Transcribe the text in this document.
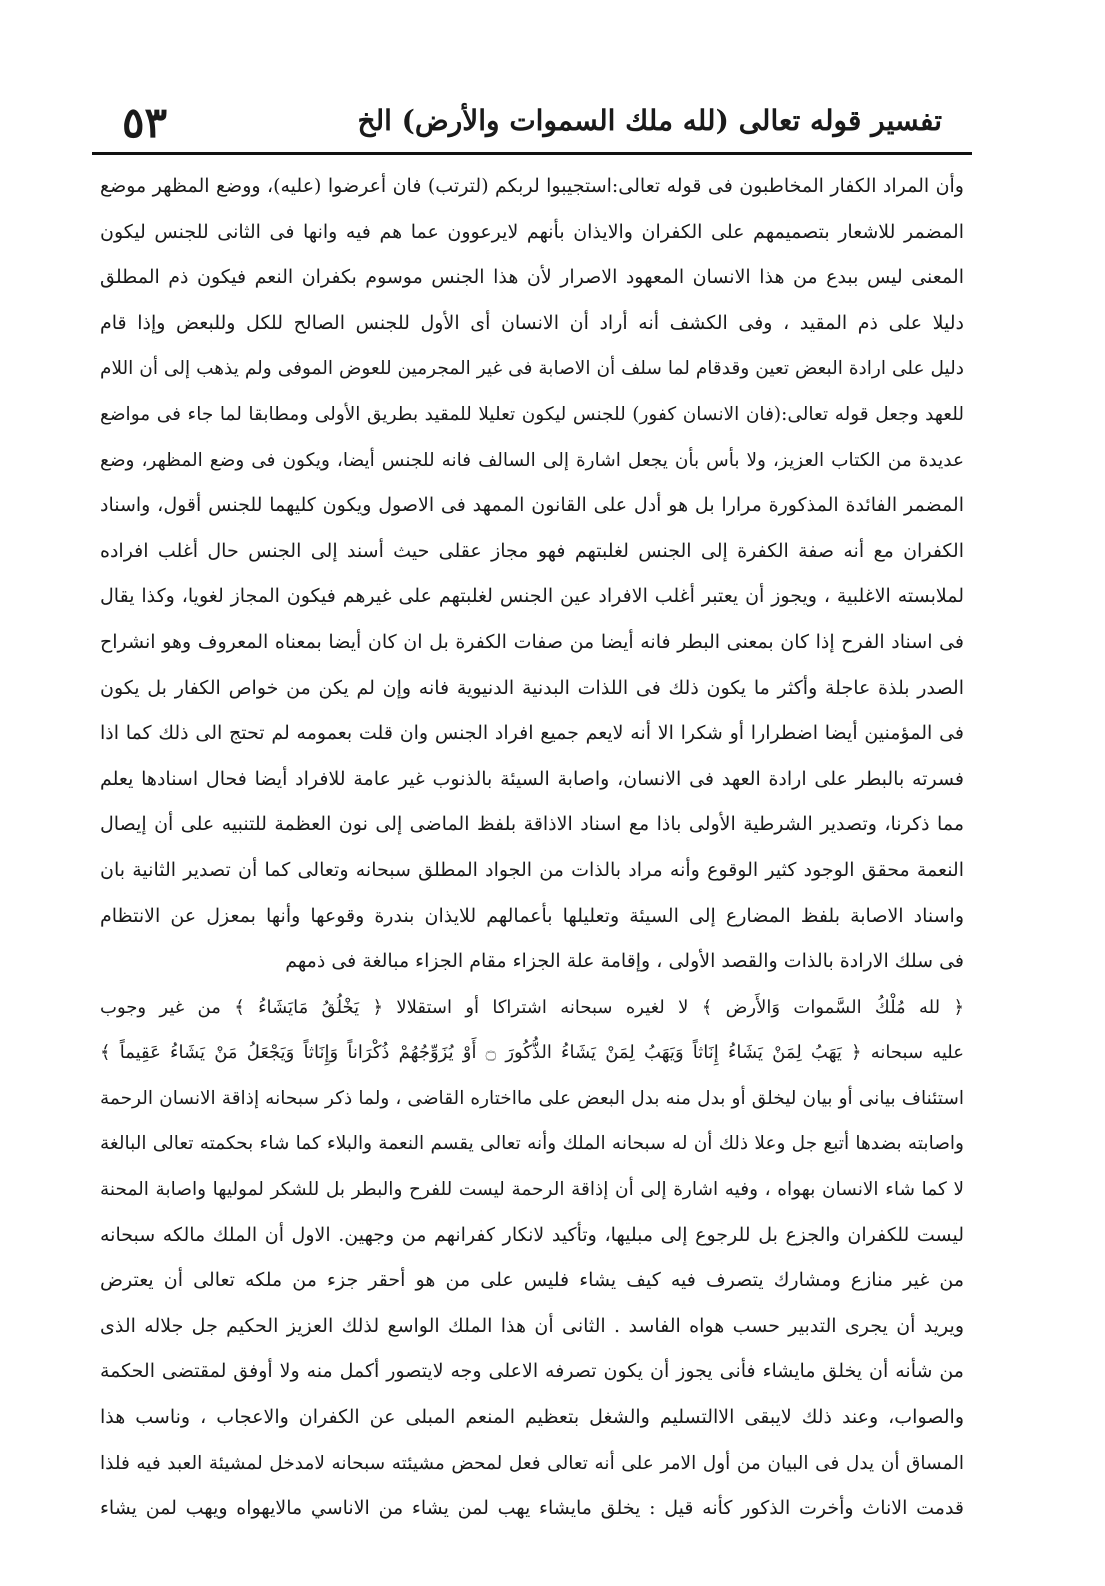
٥٣	تفسير قوله تعالى (لله ملك السموات والأرض) الخ
وأن المراد الكفار المخاطبون فى قوله تعالى:استجيبوا لربكم (لترتب) فان أعرضوا (عليه)، ووضع المظهر موضع
المضمر للاشعار بتصميمهم على الكفران والايذان بأنهم لايرعوون عما هم فيه وانها فى الثانى للجنس ليكون
المعنى ليس ببدع من هذا الانسان المعهود الاصرار لأن هذا الجنس موسوم بكفران النعم فيكون ذم المطلق
دليلا على ذم المقيد ، وفى الكشف أنه أراد أن الانسان أى الأول للجنس الصالح للكل وللبعض وإذا قام
دليل على ارادة البعض تعين وقدقام لما سلف أن الاصابة فى غير المجرمين للعوض الموفى ولم يذهب إلى أن اللام
للعهد وجعل قوله تعالى:(فان الانسان كفور) للجنس ليكون تعليلا للمقيد بطريق الأولى ومطابقا لما جاء فى مواضع
عديدة من الكتاب العزيز، ولا بأس بأن يجعل اشارة إلى السالف فانه للجنس أيضا، ويكون فى وضع المظهر، وضع
المضمر الفائدة المذكورة مرارا بل هو أدل على القانون الممهد فى الاصول ويكون كليهما للجنس أقول، واسناد
الكفران مع أنه صفة الكفرة إلى الجنس لغلبتهم فهو مجاز عقلى حيث أسند إلى الجنس حال أغلب افراده
لملابسته الاغلبية ، ويجوز أن يعتبر أغلب الافراد عين الجنس لغلبتهم على غيرهم فيكون المجاز لغويا، وكذا يقال
فى اسناد الفرح إذا كان بمعنى البطر فانه أيضا من صفات الكفرة بل ان كان أيضا بمعناه المعروف وهو انشراح
الصدر بلذة عاجلة وأكثر ما يكون ذلك فى اللذات البدنية الدنيوية فانه وإن لم يكن من خواص الكفار بل يكون
فى المؤمنين أيضا اضطرارا أو شكرا الا أنه لايعم جميع افراد الجنس وان قلت بعمومه لم تحتج الى ذلك كما اذا
فسرته بالبطر على ارادة العهد فى الانسان، واصابة السيئة بالذنوب غير عامة للافراد أيضا فحال اسنادها يعلم
مما ذكرنا، وتصدير الشرطية الأولى باذا مع اسناد الاذاقة بلفظ الماضى إلى نون العظمة للتنبيه على أن إيصال
النعمة محقق الوجود كثير الوقوع وأنه مراد بالذات من الجواد المطلق سبحانه وتعالى كما أن تصدير الثانية بان
واسناد الاصابة بلفظ المضارع إلى السيئة وتعليلها بأعمالهم للايذان بندرة وقوعها وأنها بمعزل عن الانتظام
فى سلك الارادة بالذات والقصد الأولى ، وإقامة علة الجزاء مقام الجزاء مبالغة فى ذمهم
﴿ لله مُلْكُ السَّموات وَالأَرض ﴾ لا لغيره سبحانه اشتراكا أو استقلالا ﴿ يَخْلُقُ مَايَشَاءُ ﴾ من غير وجوب
عليه سبحانه ﴿ يَهَبُ لِمَنْ يَشَاءُ إِنَاثاً وَيَهَبُ لِمَنْ يَشَاءُ الذُّكُورَ ۝ أَوْ يُزَوِّجُهُمْ ذُكْرَاناً وَإِنَاثاً وَيَجْعَلُ مَنْ يَشَاءُ عَقِيماً ﴾
استئناف بيانى أو بيان ليخلق أو بدل منه بدل البعض على مااختاره القاضى ، ولما ذكر سبحانه إذاقة الانسان الرحمة
واصابته بضدها أتبع جل وعلا ذلك أن له سبحانه الملك وأنه تعالى يقسم النعمة والبلاء كما شاء بحكمته تعالى البالغة
لا كما شاء الانسان بهواه ، وفيه اشارة إلى أن إذاقة الرحمة ليست للفرح والبطر بل للشكر لموليها واصابة المحنة
ليست للكفران والجزع بل للرجوع إلى مبليها، وتأكيد لانكار كفرانهم من وجهين. الاول أن الملك مالكه سبحانه
من غير منازع ومشارك يتصرف فيه كيف يشاء فليس على من هو أحقر جزء من ملكه تعالى أن يعترض
ويريد أن يجرى التدبير حسب هواه الفاسد . الثانى أن هذا الملك الواسع لذلك العزيز الحكيم جل جلاله الذى
من شأنه أن يخلق مايشاء فأنى يجوز أن يكون تصرفه الاعلى وجه لايتصور أكمل منه ولا أوفق لمقتضى الحكمة
والصواب، وعند ذلك لايبقى الاالتسليم والشغل بتعظيم المنعم المبلى عن الكفران والاعجاب ، وناسب هذا
المساق أن يدل فى البيان من أول الامر على أنه تعالى فعل لمحض مشيئته سبحانه لامدخل لمشيئة العبد فيه فلذا
قدمت الاناث وأخرت الذكور كأنه قيل : يخلق مايشاء يهب لمن يشاء من الاناسي مالايهواه ويهب لمن يشاء
